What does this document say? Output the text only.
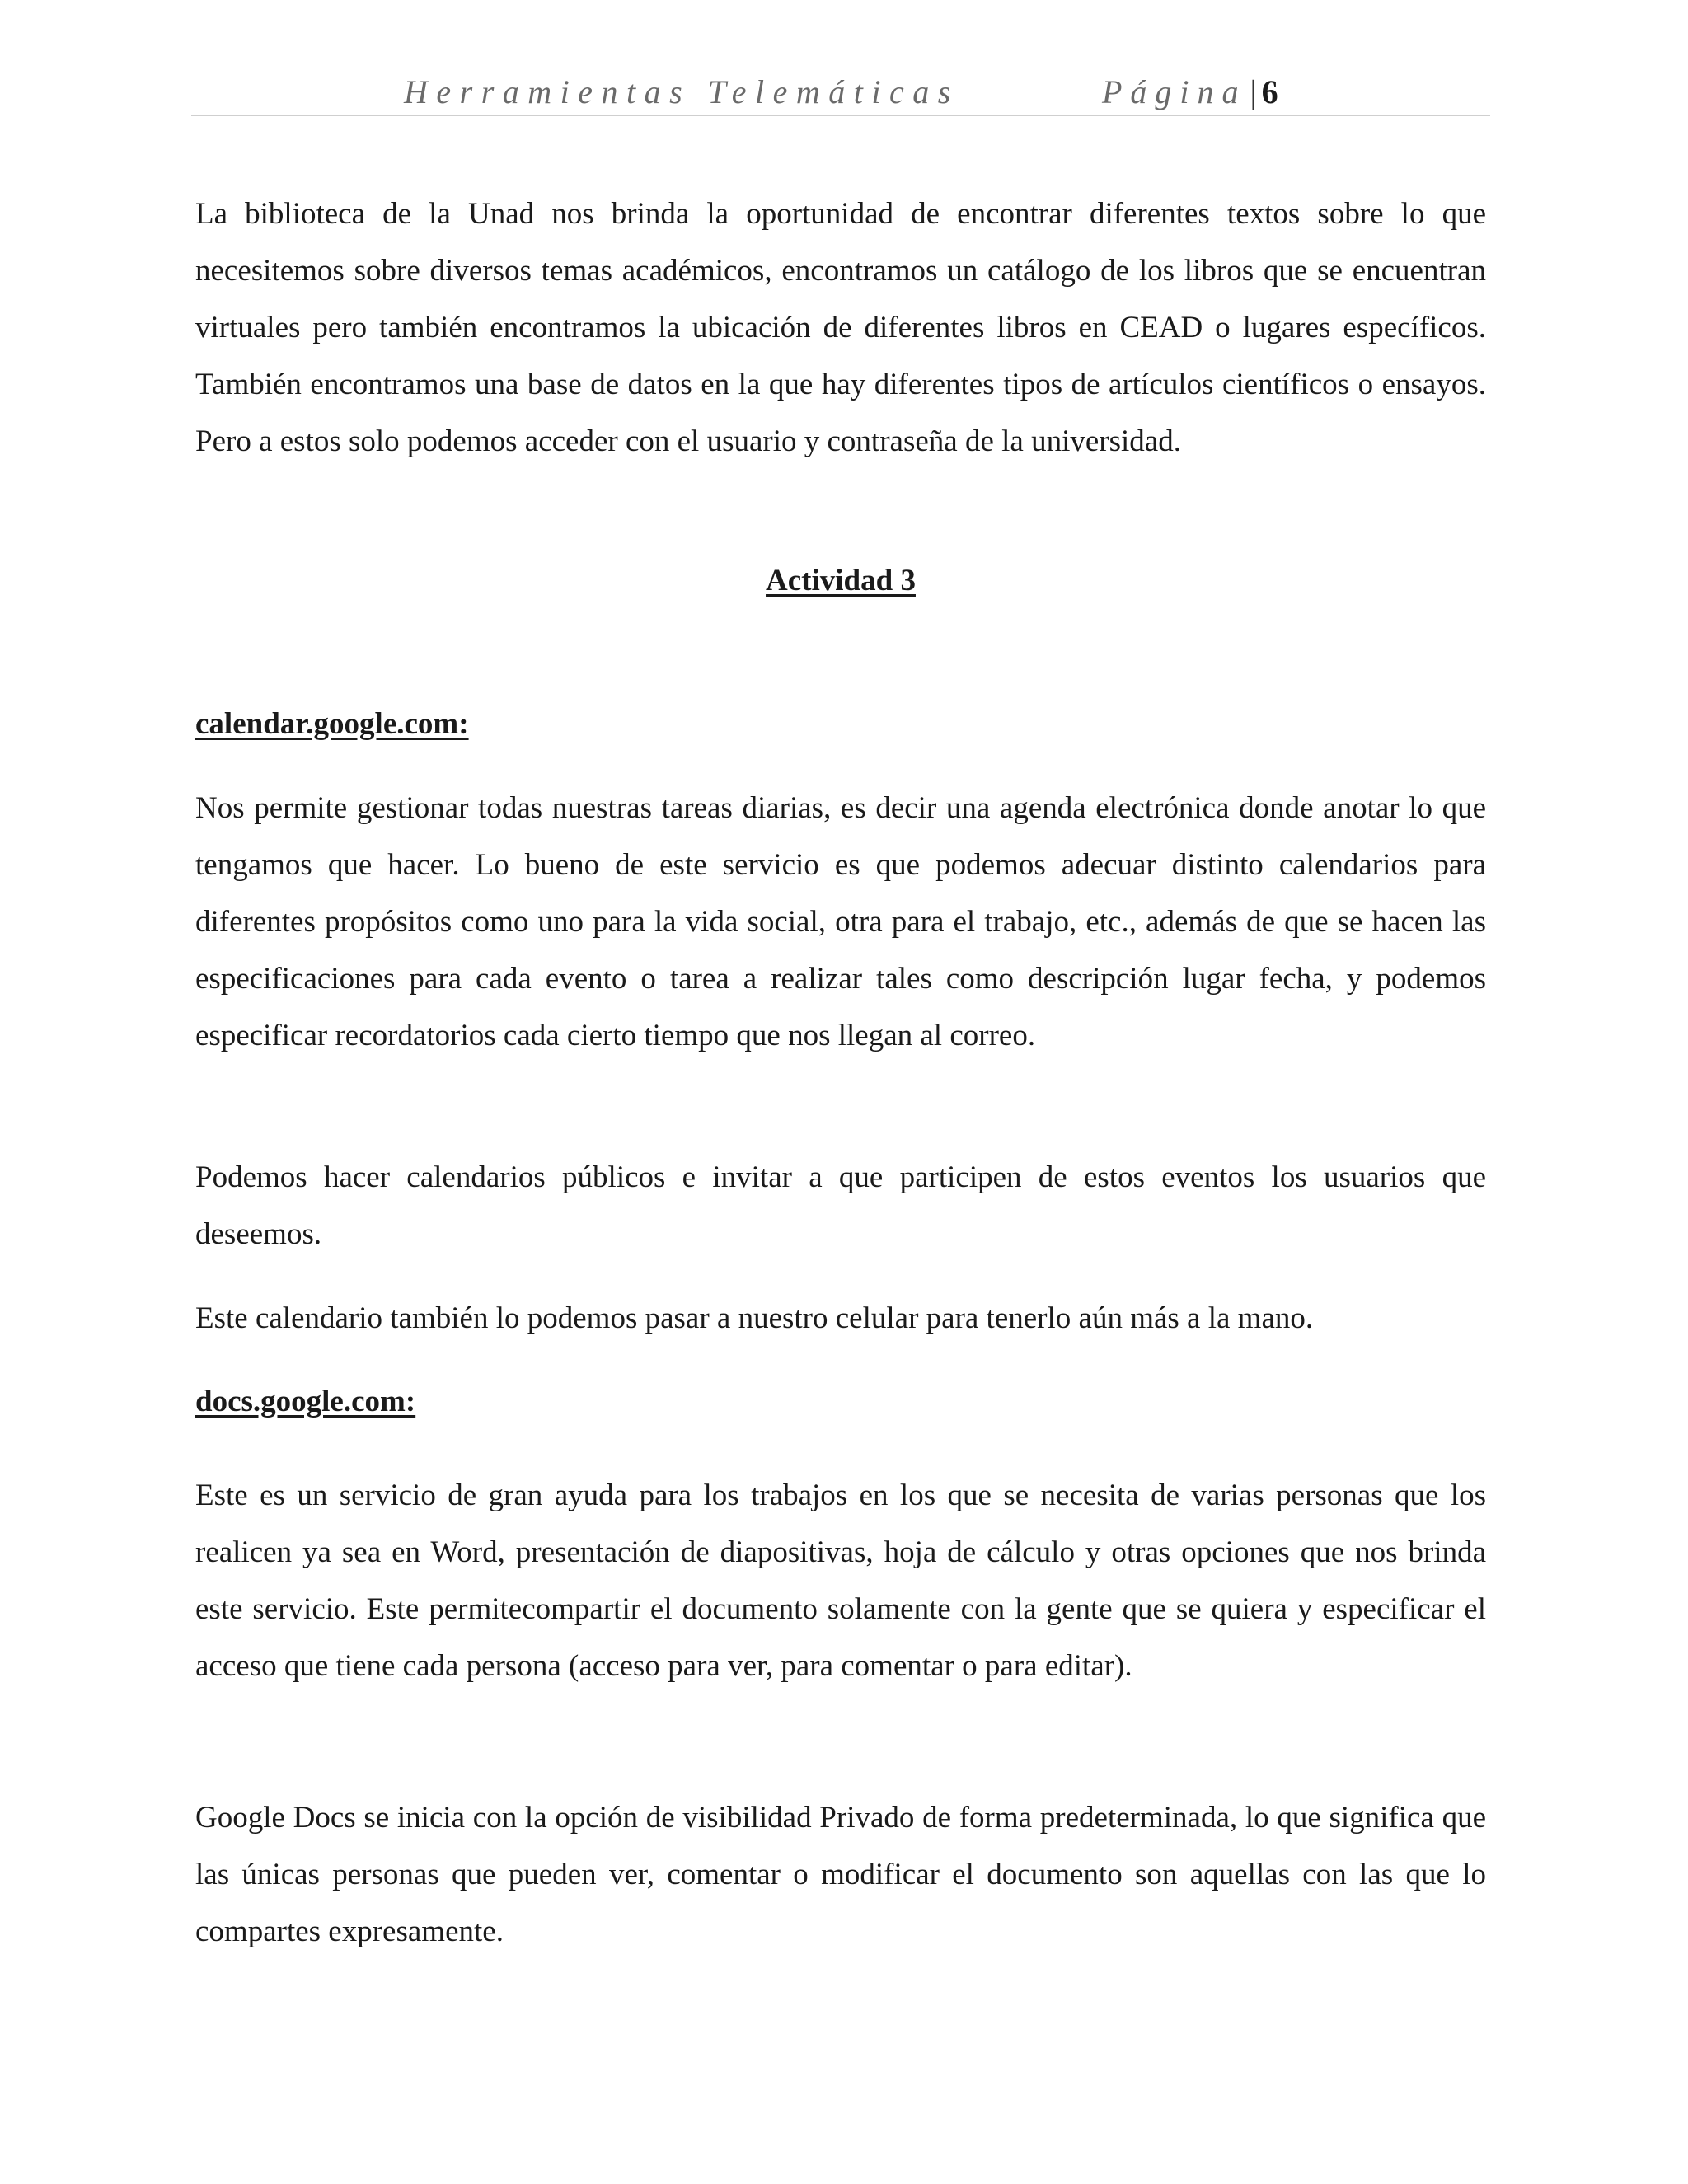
Herramientas Telemáticas	Página | 6

La biblioteca de la Unad nos brinda la oportunidad de encontrar diferentes textos sobre lo que necesitemos sobre diversos temas académicos, encontramos un catálogo de los libros que se encuentran virtuales pero también encontramos la ubicación de diferentes libros en CEAD o lugares específicos. También encontramos una base de datos en la que hay diferentes tipos de artículos científicos o ensayos. Pero a estos solo podemos acceder con el usuario y contraseña de la universidad.

Actividad 3
calendar.google.com:

Nos permite gestionar todas nuestras tareas diarias, es decir una agenda electrónica donde anotar lo que tengamos que hacer. Lo bueno de este servicio es que podemos adecuar distinto calendarios para diferentes propósitos como uno para la vida social, otra para el trabajo, etc., además de que se hacen las especificaciones para cada evento o tarea a realizar tales como descripción lugar fecha, y podemos especificar recordatorios cada cierto tiempo que nos llegan al correo.

Podemos hacer calendarios públicos e invitar a que participen de estos eventos los usuarios que deseemos.

Este calendario también lo podemos pasar a nuestro celular para tenerlo aún más a la mano.

docs.google.com:

Este es un servicio de gran ayuda para los trabajos en los que se necesita de varias personas que los realicen ya sea en Word, presentación de diapositivas, hoja de cálculo y otras opciones que nos brinda este servicio. Este permitecompartir el documento solamente con la gente que se quiera y especificar el acceso que tiene cada persona (acceso para ver, para comentar o para editar).

Google Docs se inicia con la opción de visibilidad Privado de forma predeterminada, lo que significa que las únicas personas que pueden ver, comentar o modificar el documento son aquellas con las que lo compartes expresamente.
